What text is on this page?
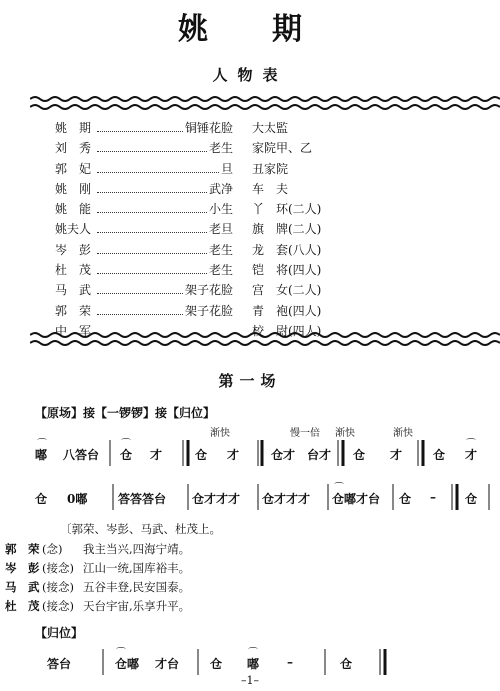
姚 期
人物表
姚　期	铜锤花脸 大太監
刘　秀	老生 家院甲、乙
郭　妃	旦 丑家院
姚　刚	武净 车　夫
姚　能	小生 丫　环(二人)
姚夫人	老旦 旗　牌(二人)
岑　彭	老生 龙　套(八人)
杜　茂	老生 铠　将(四人)
马　武	架子花脸 宫　女(二人)
郭　荣	架子花脸 青　袍(四人)
中　军	校　尉(四人)
第一场
【原场】接【一锣锣】接【归位】
渐快	慢一倍 渐快	渐快
⌒
嘟 八答台
⌒
仓 才	仓 才	仓才 台才 仓 才	仓
⌒
才
仓 0嘟	答答答台 仓才才才 仓才才才
⌒
仓嘟才台 仓 – 仓
〔郭荣、岑彭、马武、杜茂上。
郭　荣 (念) 我主当兴,四海宁靖。
岑　彭 (接念) 江山一统,国库裕丰。
马　武 (接念) 五谷丰登,民安国泰。
杜　茂 (接念) 天台宇宙,乐享升平。
【归位】
答台
⌒
仓嘟 才台	仓
⌒
嘟 –	仓
–1–
